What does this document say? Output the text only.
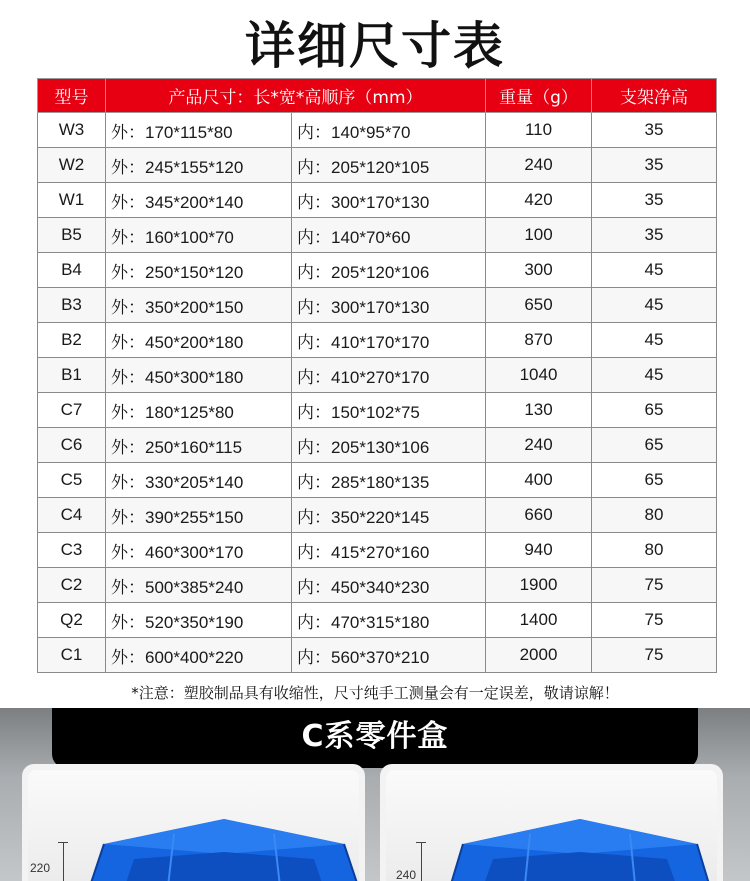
详细尺寸表
型号	产品尺寸：长*宽*高顺序（mm）		重量（g）	支架净高
W3	外：170*115*80	内：140*95*70	110	35
W2	外：245*155*120	内：205*120*105	240	35
W1	外：345*200*140	内：300*170*130	420	35
B5	外：160*100*70	内：140*70*60	100	35
B4	外：250*150*120	内：205*120*106	300	45
B3	外：350*200*150	内：300*170*130	650	45
B2	外：450*200*180	内：410*170*170	870	45
B1	外：450*300*180	内：410*270*170	1040	45
C7	外：180*125*80	内：150*102*75	130	65
C6	外：250*160*115	内：205*130*106	240	65
C5	外：330*205*140	内：285*180*135	400	65
C4	外：390*255*150	内：350*220*145	660	80
C3	外：460*300*170	内：415*270*160	940	80
C2	外：500*385*240	内：450*340*230	1900	75
Q2	外：520*350*190	内：470*315*180	1400	75
C1	外：600*400*220	内：560*370*210	2000	75
*注意：塑胶制品具有收缩性，尺寸纯手工测量会有一定误差，敬请谅解！
C系零件盒
220	240
